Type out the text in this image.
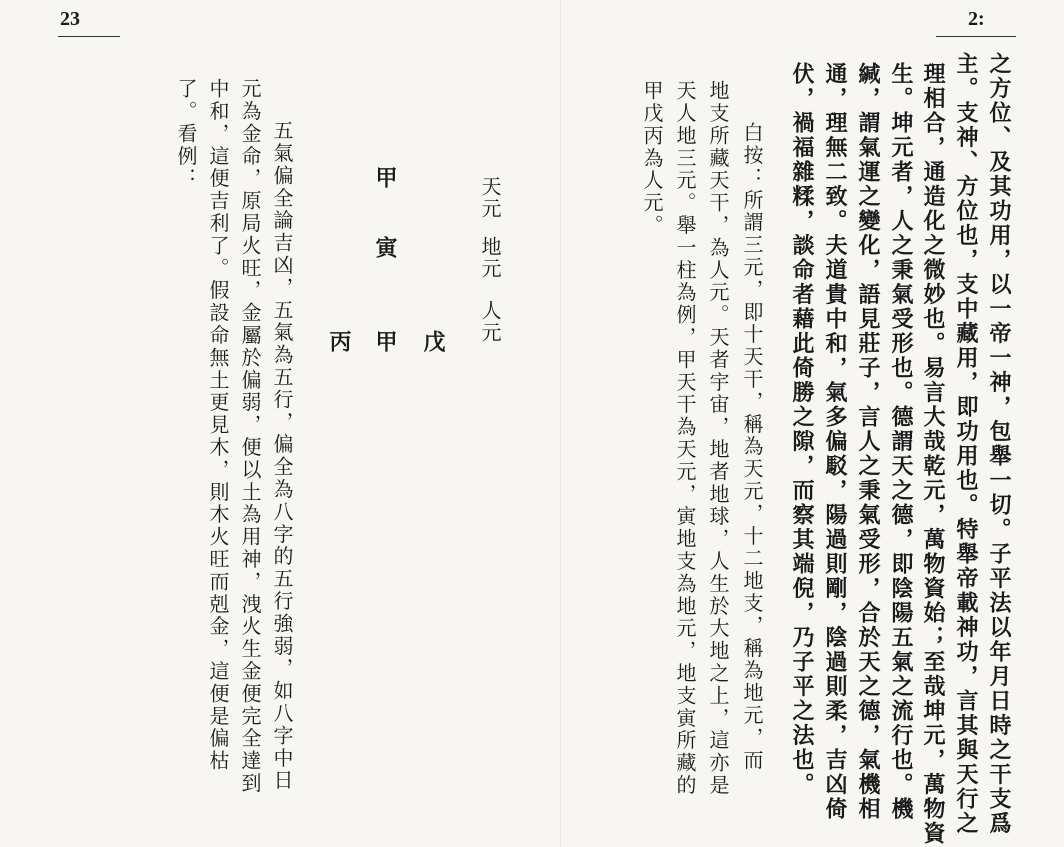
23	2:
之方位、及其功用，以一帝一神，包舉一切。子平法以年月日時之干支爲
主。支神、方位也，支中藏用，即功用也。特舉帝載神功，言其與天行之
理相合，通造化之微妙也。易言大哉乾元，萬物資始；至哉坤元，萬物資
生。坤元者，人之秉氣受形也。德謂天之德，即陰陽五氣之流行也。機
緘，謂氣運之變化，語見莊子，言人之秉氣受形，合於天之德，氣機相
通，理無二致。夫道貴中和，氣多偏駁，陽過則剛，陰過則柔，吉凶倚
伏，禍福雜糅，談命者藉此倚勝之隙，而察其端倪，乃子平之法也。
白按：所謂三元，即十天干，稱為天元，十二地支，稱為地元，而
地支所藏天干，為人元。天者宇宙，地者地球，人生於大地之上，這亦是
天人地三元。舉一柱為例，甲天干為天元，寅地支為地元，地支寅所藏的
甲戊丙為人元。
天元
地元
人元
甲
寅
戊
甲
丙
五氣偏全論吉凶，五氣為五行，偏全為八字的五行強弱，如八字中日
元為金命，原局火旺，金屬於偏弱，便以土為用神，洩火生金便完全達到
中和，這便吉利了。假設命無土更見木，則木火旺而剋金，這便是偏枯
了。看例：
